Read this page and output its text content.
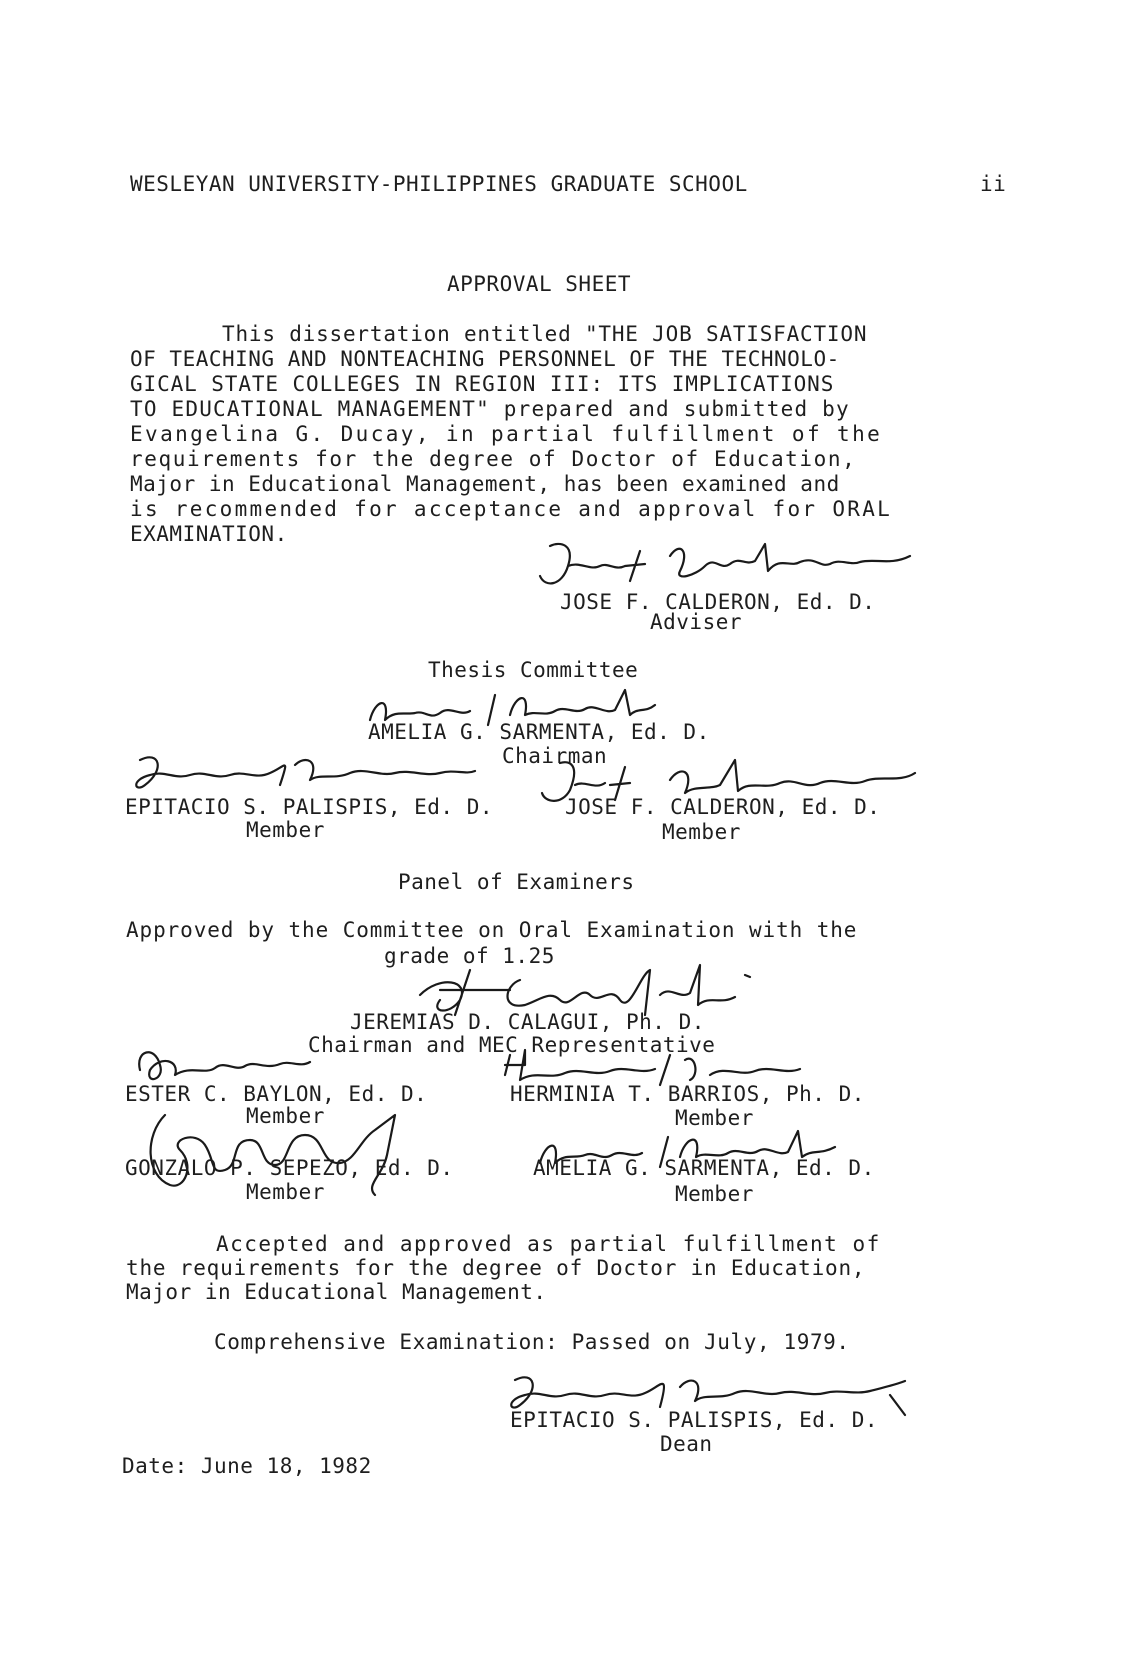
WESLEYAN UNIVERSITY-PHILIPPINES GRADUATE SCHOOL	ii
APPROVAL SHEET
This dissertation entitled "THE JOB SATISFACTION
OF TEACHING AND NONTEACHING PERSONNEL OF THE TECHNOLO-
GICAL STATE COLLEGES IN REGION III: ITS IMPLICATIONS
TO EDUCATIONAL MANAGEMENT" prepared and submitted by
Evangelina G. Ducay, in partial fulfillment of the
requirements for the degree of Doctor of Education,
Major in Educational Management, has been examined and
is recommended for acceptance and approval for ORAL
EXAMINATION.
JOSE F. CALDERON, Ed. D.
Adviser
Thesis Committee
AMELIA G. SARMENTA, Ed. D.
Chairman
EPITACIO S. PALISPIS, Ed. D.	JOSE F. CALDERON, Ed. D.
Member	Member
Panel of Examiners
Approved by the Committee on Oral Examination with the
grade of 1.25
JEREMIAS D. CALAGUI, Ph. D.
Chairman and MEC Representative
ESTER C. BAYLON, Ed. D.	HERMINIA T. BARRIOS, Ph. D.
Member	Member
GONZALO P. SEPEZO, Ed. D.	AMELIA G. SARMENTA, Ed. D.
Member	Member
Accepted and approved as partial fulfillment of
the requirements for the degree of Doctor in Education,
Major in Educational Management.
Comprehensive Examination: Passed on July, 1979.
EPITACIO S. PALISPIS, Ed. D.
Dean
Date: June 18, 1982
